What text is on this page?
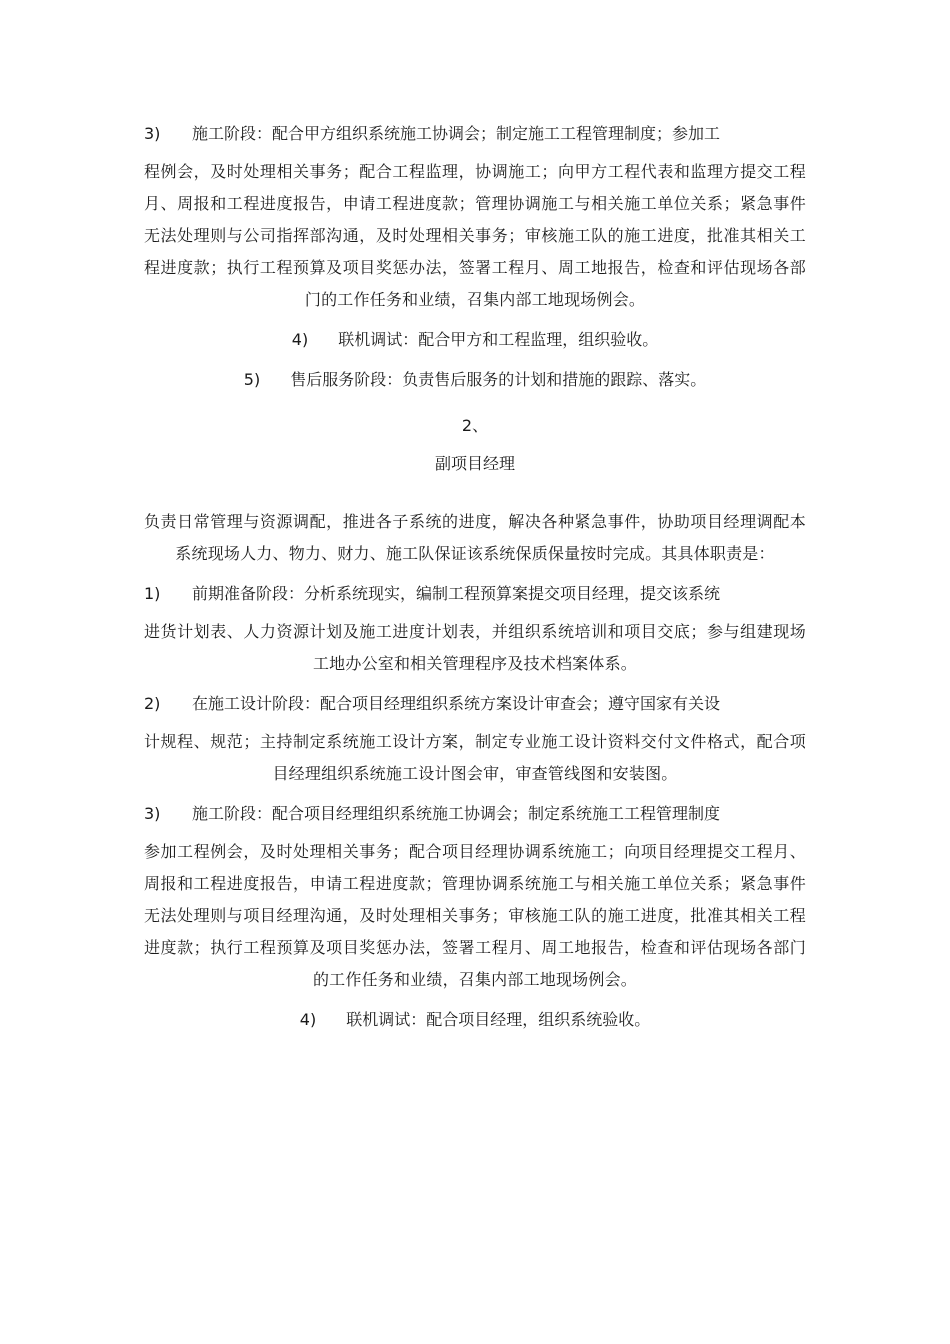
3) 施工阶段：配合甲方组织系统施工协调会；制定施工工程管理制度；参加工

程例会，及时处理相关事务；配合工程监理，协调施工；向甲方工程代表和监理方提交工程月、周报和工程进度报告，申请工程进度款；管理协调施工与相关施工单位关系；紧急事件无法处理则与公司指挥部沟通，及时处理相关事务；审核施工队的施工进度，批准其相关工程进度款；执行工程预算及项目奖惩办法，签署工程月、周工地报告，检查和评估现场各部门的工作任务和业绩，召集内部工地现场例会。

4) 联机调试：配合甲方和工程监理，组织验收。
5) 售后服务阶段：负责售后服务的计划和措施的跟踪、落实。
2、
副项目经理

负责日常管理与资源调配，推进各子系统的进度，解决各种紧急事件，协助项目经理调配本系统现场人力、物力、财力、施工队保证该系统保质保量按时完成。其具体职责是：

1) 前期准备阶段：分析系统现实，编制工程预算案提交项目经理，提交该系统

进货计划表、人力资源计划及施工进度计划表，并组织系统培训和项目交底；参与组建现场工地办公室和相关管理程序及技术档案体系。

2) 在施工设计阶段：配合项目经理组织系统方案设计审查会；遵守国家有关设

计规程、规范；主持制定系统施工设计方案，制定专业施工设计资料交付文件格式，配合项目经理组织系统施工设计图会审，审查管线图和安装图。

3) 施工阶段：配合项目经理组织系统施工协调会；制定系统施工工程管理制度

参加工程例会，及时处理相关事务；配合项目经理协调系统施工；向项目经理提交工程月、周报和工程进度报告，申请工程进度款；管理协调系统施工与相关施工单位关系；紧急事件无法处理则与项目经理沟通，及时处理相关事务；审核施工队的施工进度，批准其相关工程进度款；执行工程预算及项目奖惩办法，签署工程月、周工地报告，检查和评估现场各部门的工作任务和业绩，召集内部工地现场例会。

4) 联机调试：配合项目经理，组织系统验收。
